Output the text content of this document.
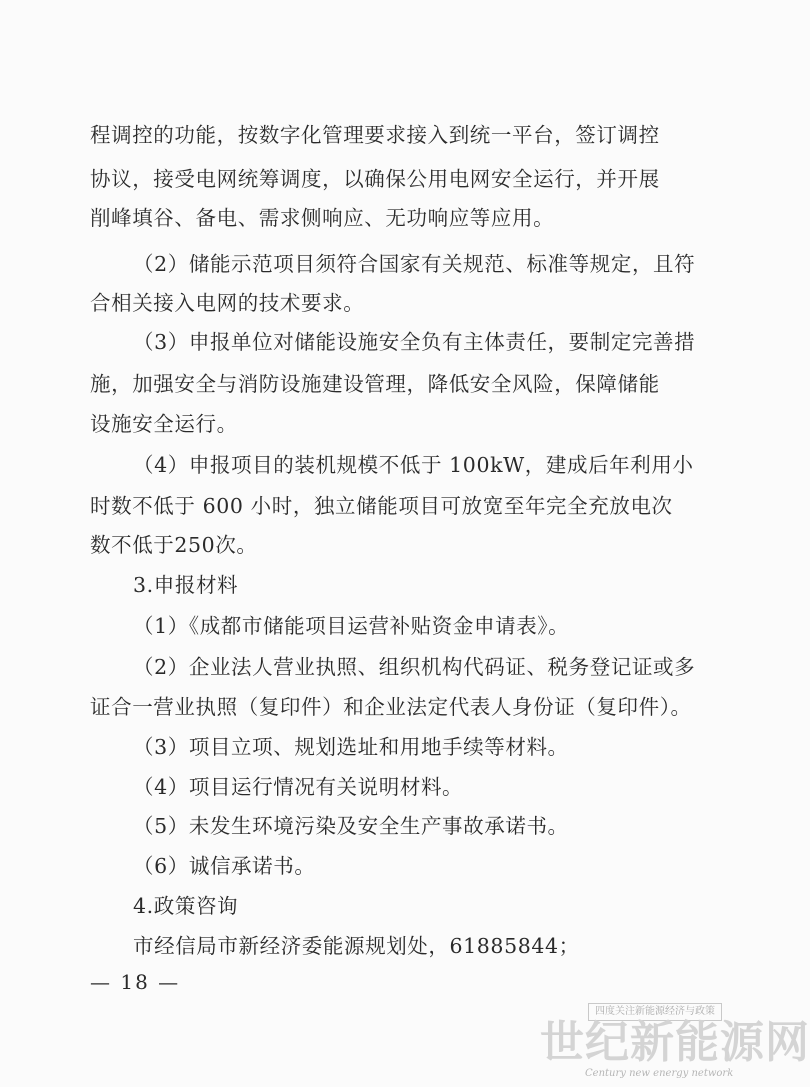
程调控的功能，按数字化管理要求接入到统一平台，签订调控
协议，接受电网统筹调度，以确保公用电网安全运行，并开展
削峰填谷、备电、需求侧响应、无功响应等应用。
（2）储能示范项目须符合国家有关规范、标准等规定，且符
合相关接入电网的技术要求。
（3）申报单位对储能设施安全负有主体责任，要制定完善措
施，加强安全与消防设施建设管理，降低安全风险，保障储能
设施安全运行。
（4）申报项目的装机规模不低于 100kW，建成后年利用小
时数不低于 600 小时，独立储能项目可放宽至年完全充放电次
数不低于250次。
3.申报材料
（1）《成都市储能项目运营补贴资金申请表》。
（2）企业法人营业执照、组织机构代码证、税务登记证或多
证合一营业执照（复印件）和企业法定代表人身份证（复印件）。
（3）项目立项、规划选址和用地手续等材料。
（4）项目运行情况有关说明材料。
（5）未发生环境污染及安全生产事故承诺书。
（6）诚信承诺书。
4.政策咨询
市经信局市新经济委能源规划处，61885844；
— 18 —
四度关注新能源经济与政策
世纪新能源网
Century new energy network
